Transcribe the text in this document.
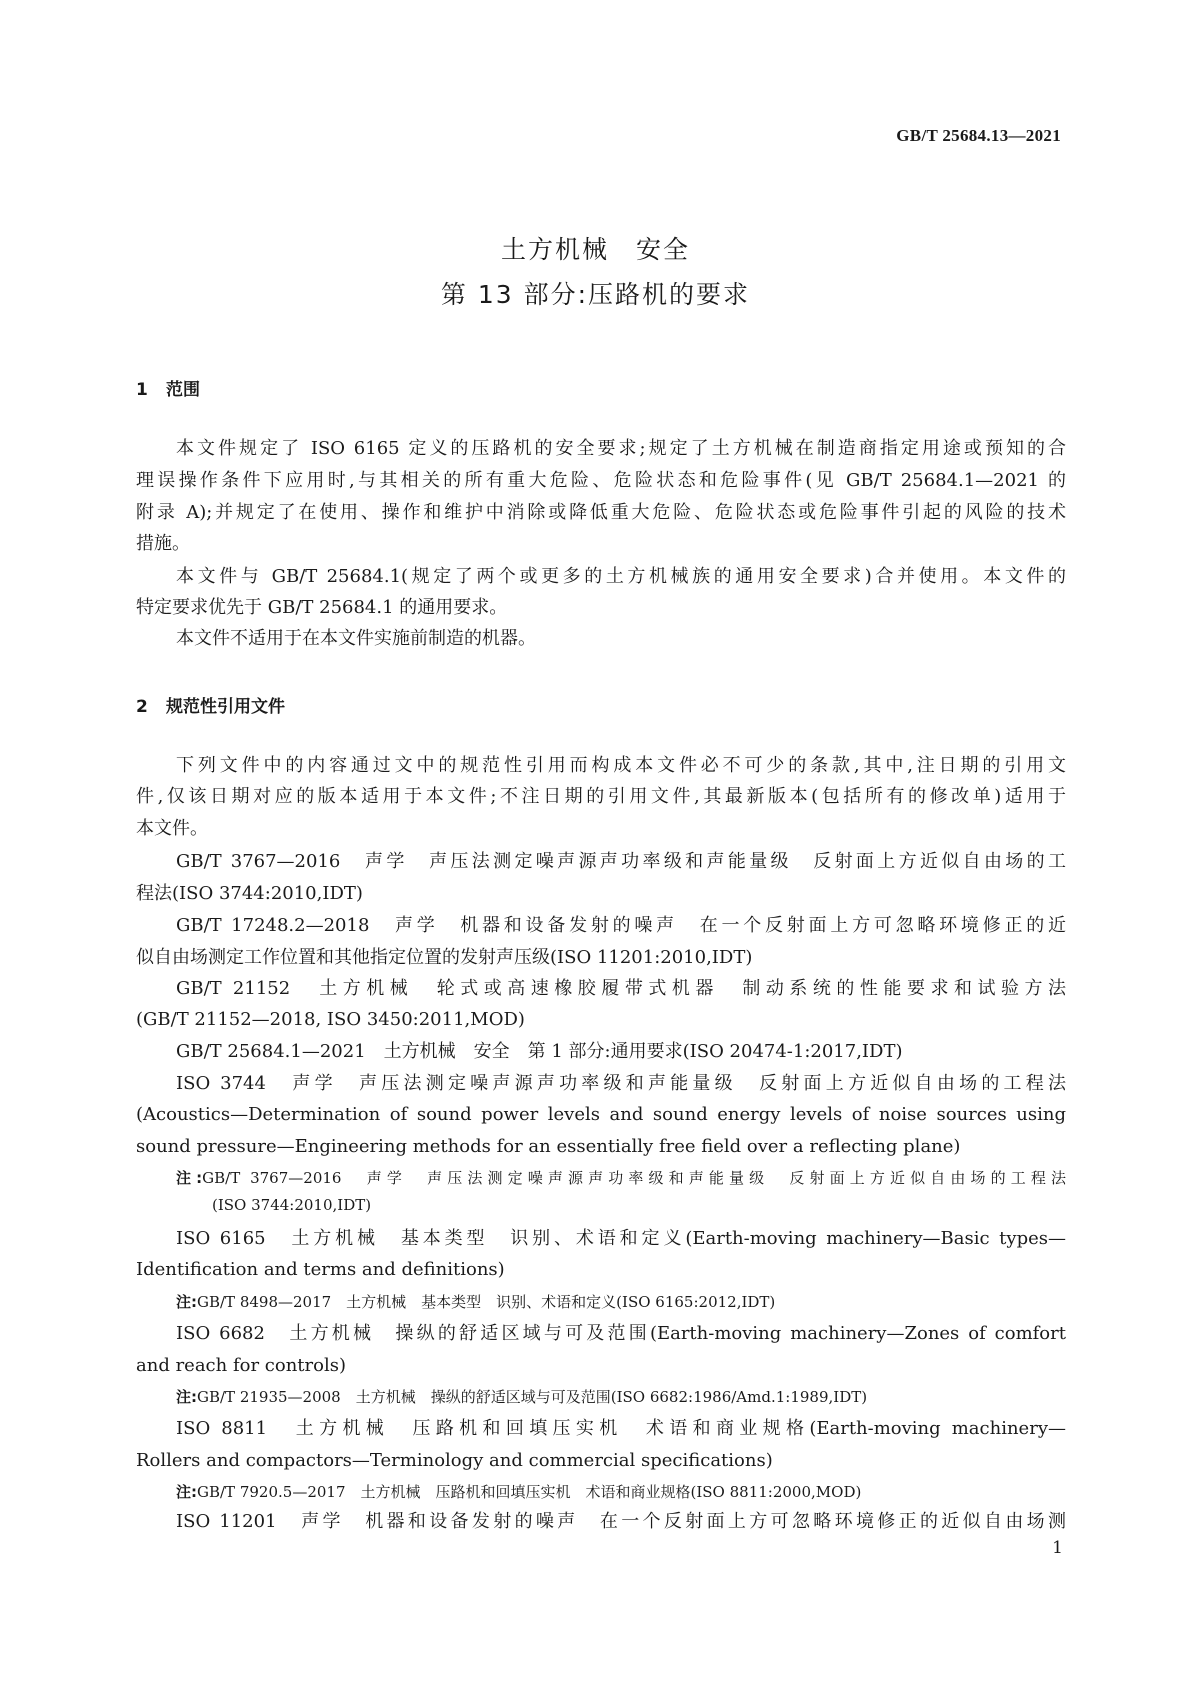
GB/T 25684.13—2021
土方机械　安全
第 13 部分:压路机的要求
1 范围
本文件规定了 ISO 6165 定义的压路机的安全要求;规定了土方机械在制造商指定用途或预知的合
理误操作条件下应用时,与其相关的所有重大危险、危险状态和危险事件(见 GB/T 25684.1—2021 的
附录 A);并规定了在使用、操作和维护中消除或降低重大危险、危险状态或危险事件引起的风险的技术
措施。
本文件与 GB/T 25684.1(规定了两个或更多的土方机械族的通用安全要求)合并使用。本文件的
特定要求优先于 GB/T 25684.1 的通用要求。
本文件不适用于在本文件实施前制造的机器。
2 规范性引用文件
下列文件中的内容通过文中的规范性引用而构成本文件必不可少的条款,其中,注日期的引用文
件,仅该日期对应的版本适用于本文件;不注日期的引用文件,其最新版本(包括所有的修改单)适用于
本文件。
GB/T 3767—2016　声学　声压法测定噪声源声功率级和声能量级　反射面上方近似自由场的工
程法(ISO 3744:2010,IDT)
GB/T 17248.2—2018　声学　机器和设备发射的噪声　在一个反射面上方可忽略环境修正的近
似自由场测定工作位置和其他指定位置的发射声压级(ISO 11201:2010,IDT)
GB/T 21152　土方机械　轮式或高速橡胶履带式机器　制动系统的性能要求和试验方法
(GB/T 21152—2018, ISO 3450:2011,MOD)
GB/T 25684.1—2021　土方机械　安全　第 1 部分:通用要求(ISO 20474-1:2017,IDT)
ISO 3744　声学　声压法测定噪声源声功率级和声能量级　反射面上方近似自由场的工程法
(Acoustics—Determination of sound power levels and sound energy levels of noise sources using
sound pressure—Engineering methods for an essentially free field over a reflecting plane)
注:GB/T 3767—2016　声学　声压法测定噪声源声功率级和声能量级　反射面上方近似自由场的工程法
(ISO 3744:2010,IDT)
ISO 6165　土方机械　基本类型　识别、术语和定义(Earth-moving machinery—Basic types—
Identification and terms and definitions)
注:GB/T 8498—2017　土方机械　基本类型　识别、术语和定义(ISO 6165:2012,IDT)
ISO 6682　土方机械　操纵的舒适区域与可及范围(Earth-moving machinery—Zones of comfort
and reach for controls)
注:GB/T 21935—2008　土方机械　操纵的舒适区域与可及范围(ISO 6682:1986/Amd.1:1989,IDT)
ISO 8811　土方机械　压路机和回填压实机　术语和商业规格(Earth-moving machinery—
Rollers and compactors—Terminology and commercial specifications)
注:GB/T 7920.5—2017　土方机械　压路机和回填压实机　术语和商业规格(ISO 8811:2000,MOD)
ISO 11201　声学　机器和设备发射的噪声　在一个反射面上方可忽略环境修正的近似自由场测
1
